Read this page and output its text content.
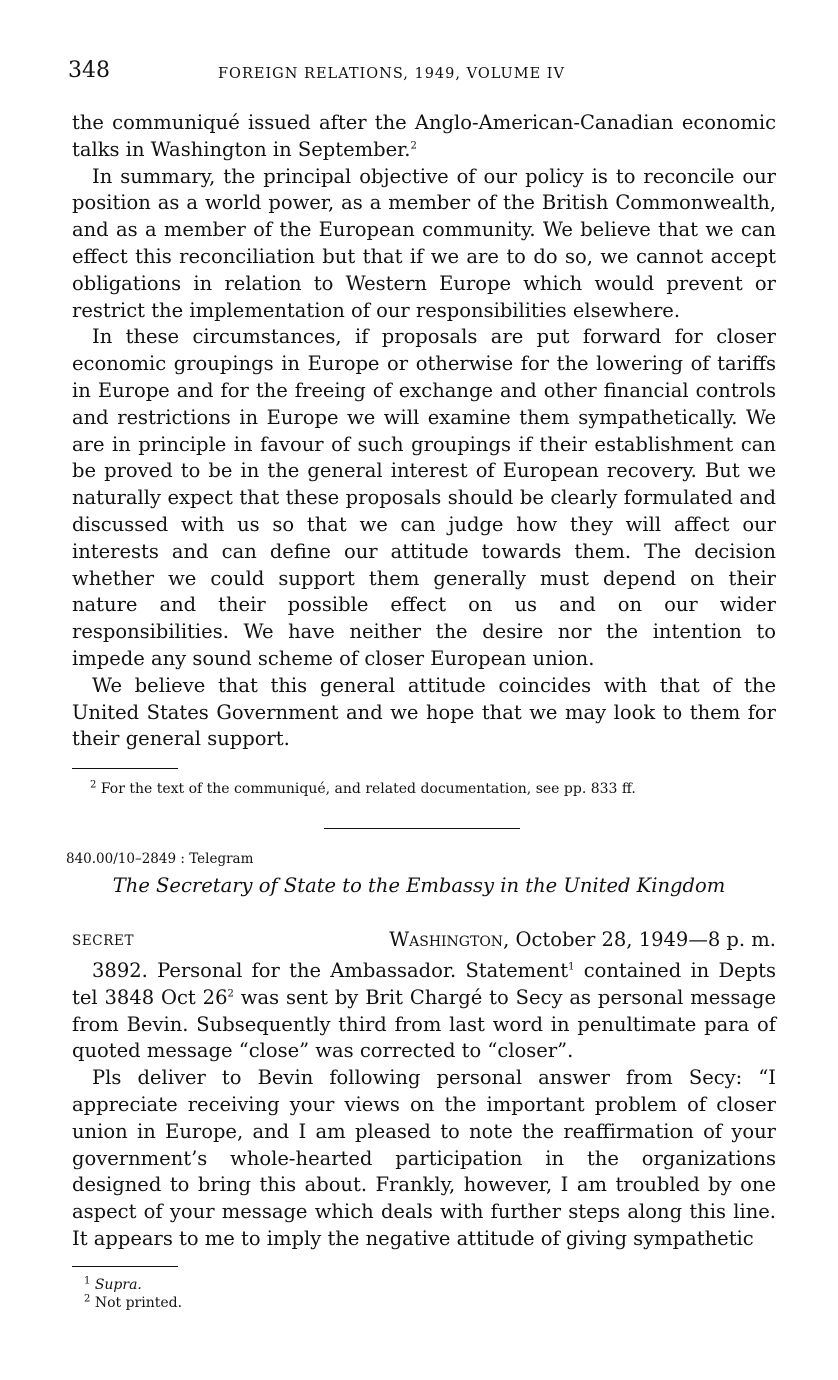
348	FOREIGN RELATIONS, 1949, VOLUME IV

the communiqué issued after the Anglo-American-Canadian economic talks in Washington in September.$^2$

In summary, the principal objective of our policy is to reconcile our position as a world power, as a member of the British Commonwealth, and as a member of the European community. We believe that we can effect this reconciliation but that if we are to do so, we cannot accept obligations in relation to Western Europe which would prevent or restrict the implementation of our responsibilities elsewhere.

In these circumstances, if proposals are put forward for closer economic groupings in Europe or otherwise for the lowering of tariffs in Europe and for the freeing of exchange and other financial controls and restrictions in Europe we will examine them sympathetically. We are in principle in favour of such groupings if their establishment can be proved to be in the general interest of European recovery. But we naturally expect that these proposals should be clearly formulated and discussed with us so that we can judge how they will affect our interests and can define our attitude towards them. The decision whether we could support them generally must depend on their nature and their possible effect on us and on our wider responsibilities. We have neither the desire nor the intention to impede any sound scheme of closer European union.

We believe that this general attitude coincides with that of the United States Government and we hope that we may look to them for their general support.

$^2$ For the text of the communiqué, and related documentation, see pp. 833 ff.
840.00/10–2849 : Telegram
The Secretary of State to the Embassy in the United Kingdom
SECRET	Washington, October 28, 1949—8 p. m.

3892. Personal for the Ambassador. Statement$^1$ contained in Depts tel 3848 Oct $26^2$ was sent by Brit Chargé to Secy as personal message from Bevin. Subsequently third from last word in penultimate para of quoted message “close” was corrected to “closer”.

Pls deliver to Bevin following personal answer from Secy: “I appreciate receiving your views on the important problem of closer union in Europe, and I am pleased to note the reaffirmation of your government’s whole-hearted participation in the organizations designed to bring this about. Frankly, however, I am troubled by one aspect of your message which deals with further steps along this line. It appears to me to imply the negative attitude of giving sympathetic

$^1$ Supra.
$^2$ Not printed.
